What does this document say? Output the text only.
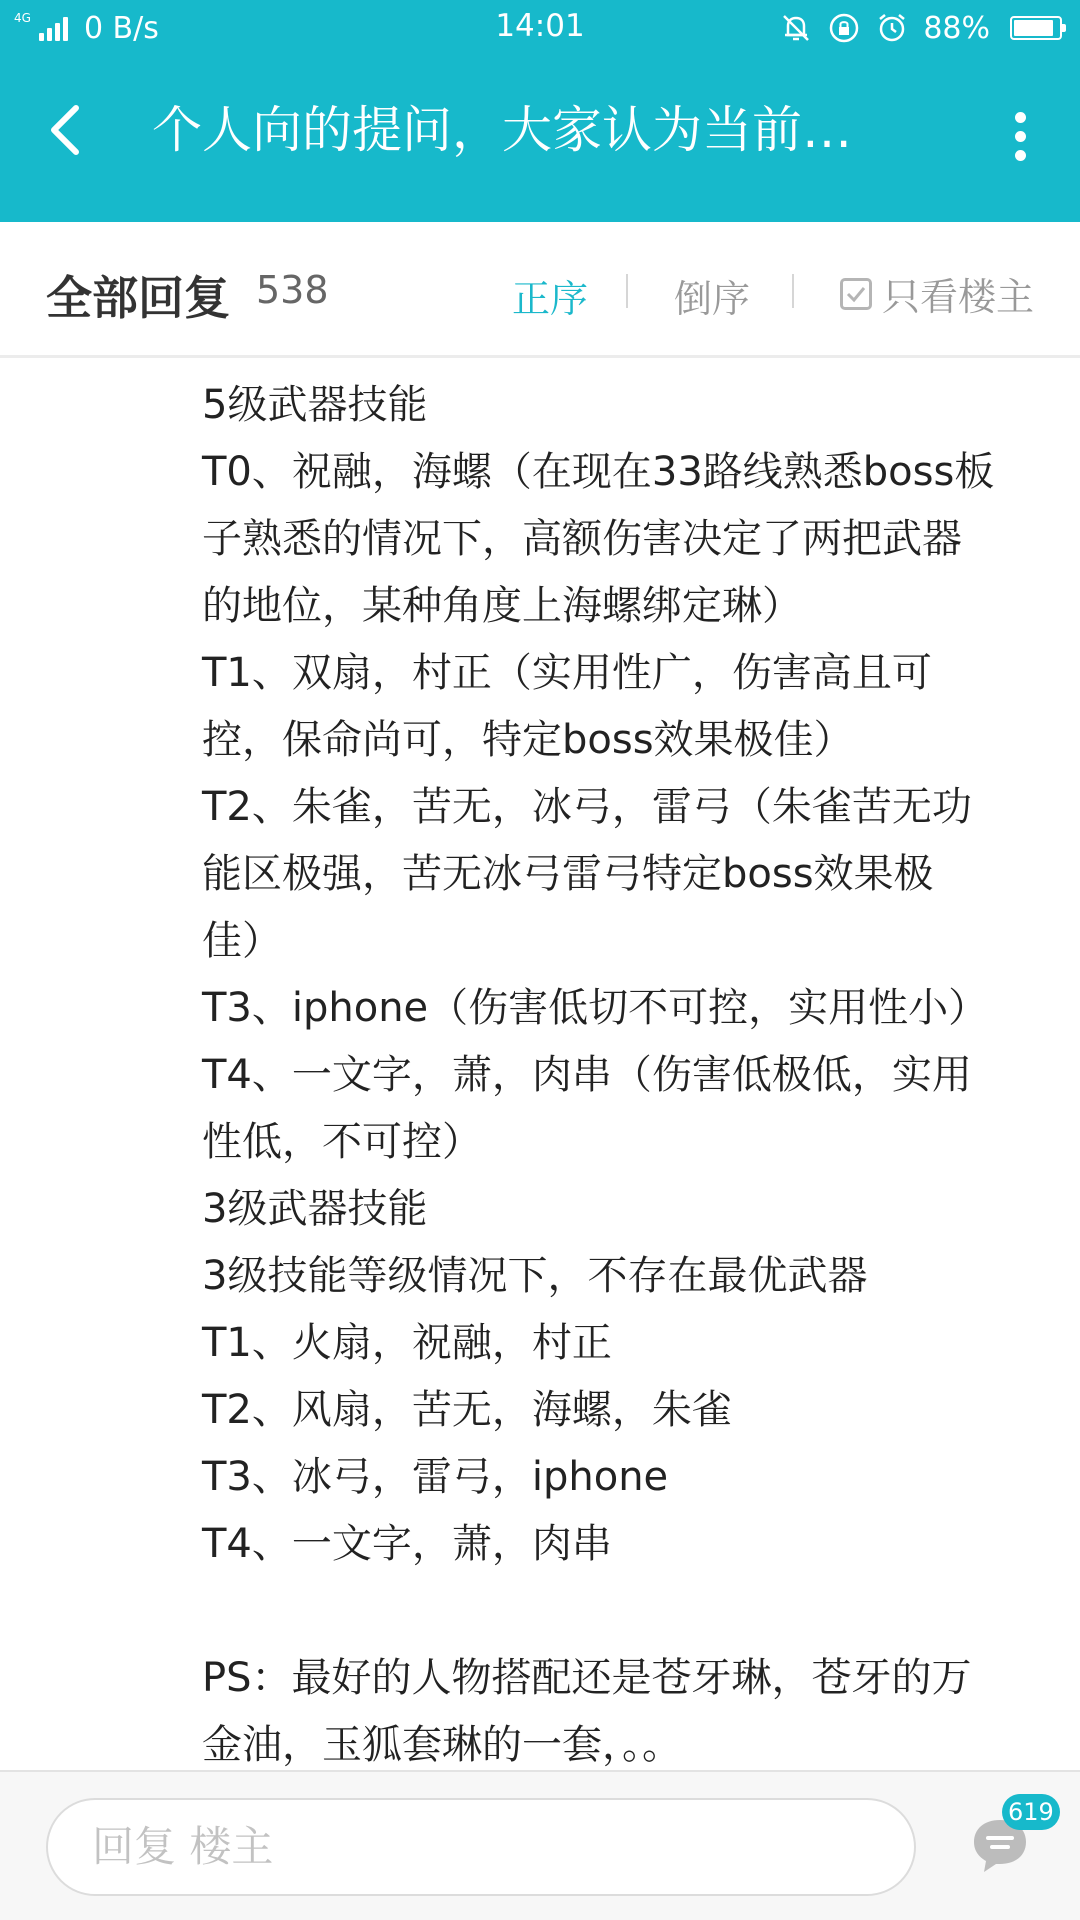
4G 0 B/s	14:01	88%
个人向的提问，大家认为当前…
全部回复 538	正序 倒序	只看楼主
5级武器技能
T0、祝融，海螺（在现在33路线熟悉boss板
子熟悉的情况下，高额伤害决定了两把武器
的地位，某种角度上海螺绑定琳）
T1、双扇，村正（实用性广，伤害高且可
控，保命尚可，特定boss效果极佳）
T2、朱雀，苦无，冰弓，雷弓（朱雀苦无功
能区极强，苦无冰弓雷弓特定boss效果极
佳）
T3、iphone（伤害低切不可控，实用性小）
T4、一文字，萧，肉串（伤害低极低，实用
性低，不可控）
3级武器技能
3级技能等级情况下，不存在最优武器
T1、火扇，祝融，村正
T2、风扇，苦无，海螺，朱雀
T3、冰弓，雷弓，iphone
T4、一文字，萧，肉串
PS：最好的人物搭配还是苍牙琳，苍牙的万
金油，玉狐套琳的一套，。。
回复 楼主
619
